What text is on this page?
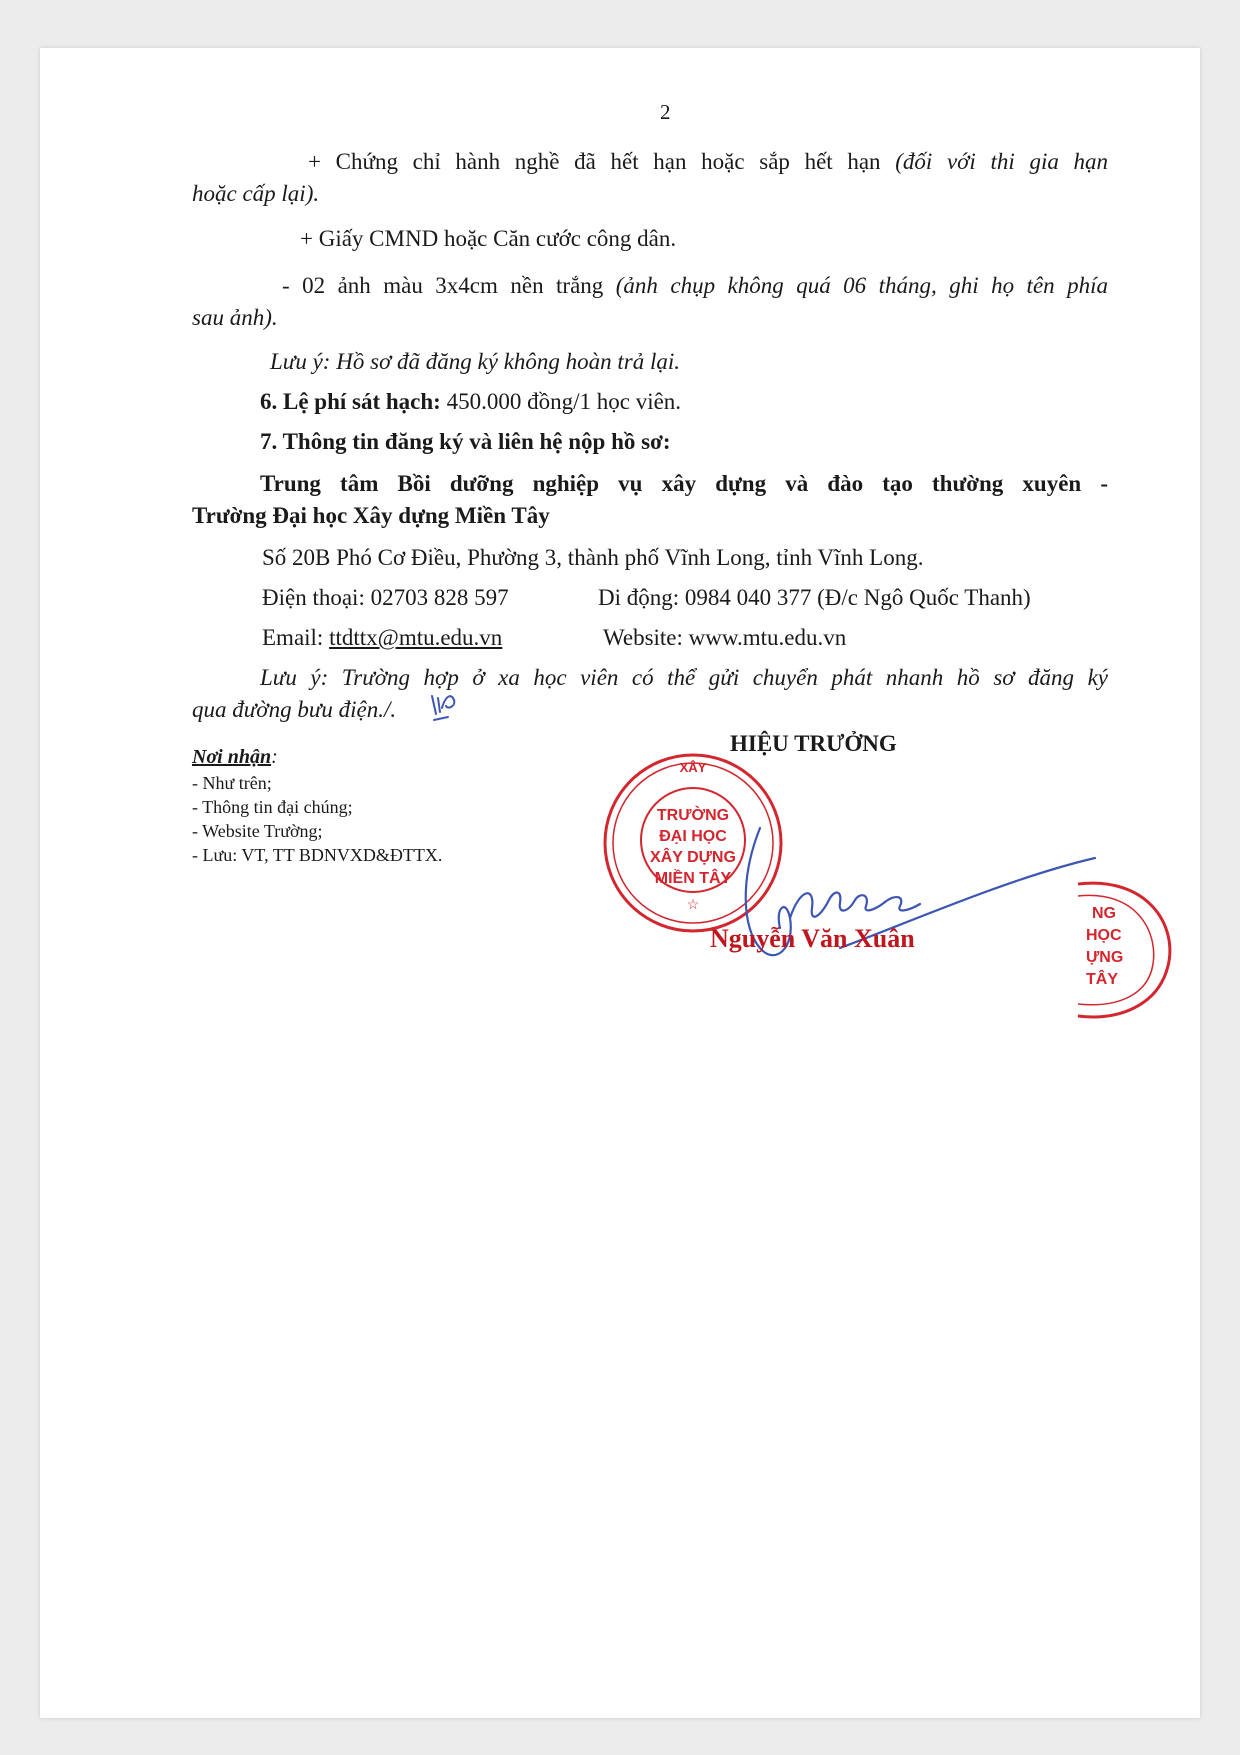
2
+ Chứng chỉ hành nghề đã hết hạn hoặc sắp hết hạn (đối với thi gia hạn
hoặc cấp lại).
+ Giấy CMND hoặc Căn cước công dân.
- 02 ảnh màu 3x4cm nền trắng (ảnh chụp không quá 06 tháng, ghi họ tên phía
sau ảnh).
Lưu ý: Hồ sơ đã đăng ký không hoàn trả lại.
6. Lệ phí sát hạch: 450.000 đồng/1 học viên.
7. Thông tin đăng ký và liên hệ nộp hồ sơ:
Trung tâm Bồi dưỡng nghiệp vụ xây dựng và đào tạo thường xuyên -
Trường Đại học Xây dựng Miền Tây
Số 20B Phó Cơ Điều, Phường 3, thành phố Vĩnh Long, tỉnh Vĩnh Long.
Điện thoại: 02703 828 597	Di động: 0984 040 377 (Đ/c Ngô Quốc Thanh)
Email: ttdttx@mtu.edu.vn	Website: www.mtu.edu.vn
Lưu ý: Trường hợp ở xa học viên có thể gửi chuyển phát nhanh hồ sơ đăng ký
qua đường bưu điện./.
Nơi nhận:
- Như trên;
- Thông tin đại chúng;
- Website Trường;
- Lưu: VT, TT BDNVXD&ĐTTX.
HIỆU TRƯỞNG
XÂY
☆
TRƯỜNG
ĐẠI HỌC
XÂY DỰNG
MIỀN TÂY
NG
HỌC
ỰNG
TÂY
Nguyễn Văn Xuân
